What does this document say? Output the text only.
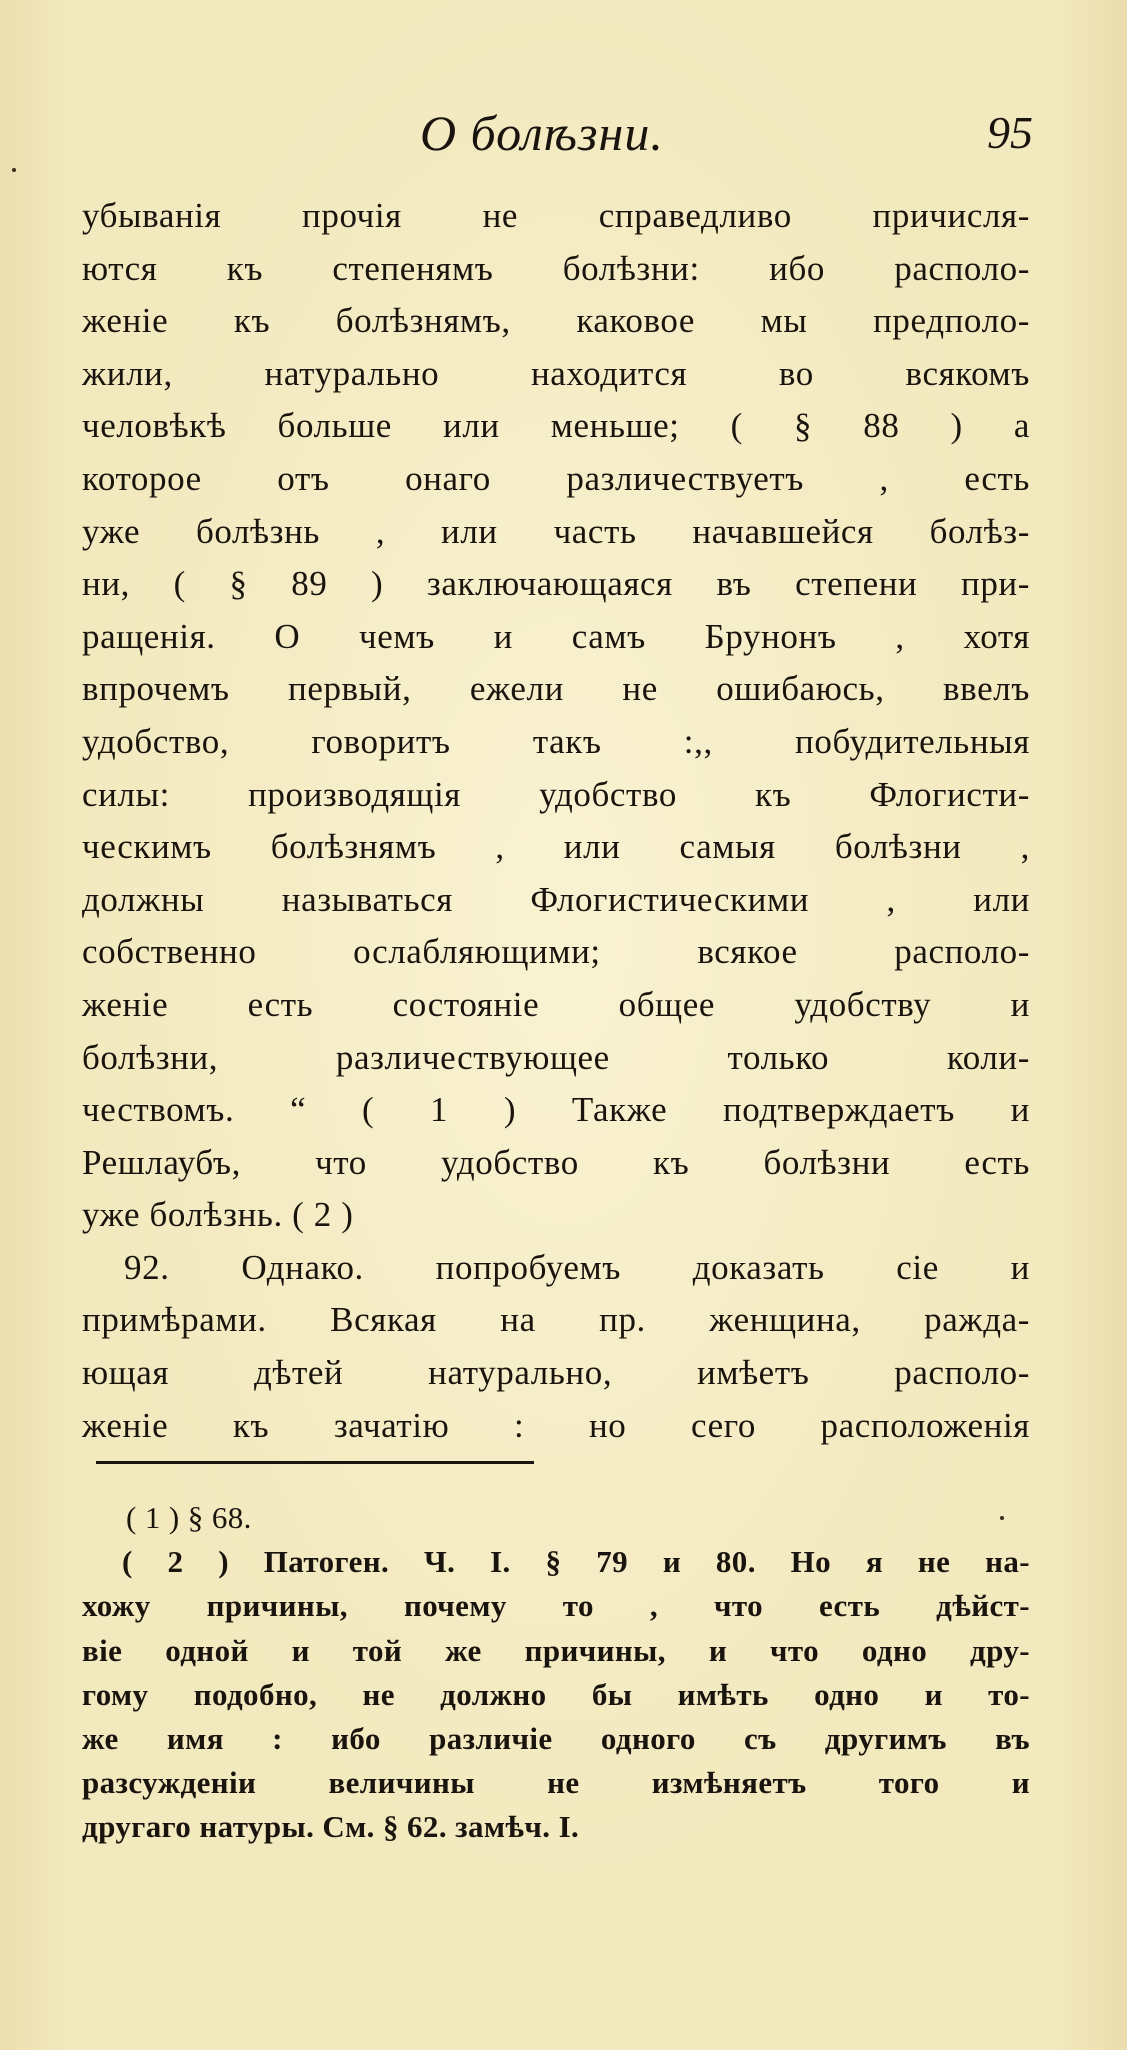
О болѣзни.	95
убыванія прочія не справедливо причисля-
ются къ степенямъ болѣзни: ибо располо-
женіе къ болѣзнямъ, каковое мы предполо-
жили, натурально находится во всякомъ
человѣкѣ больше или меньше; ( § 88 ) а
которое отъ онаго различествуетъ , есть
уже болѣзнь , или часть начавшейся болѣз-
ни, ( § 89 ) заключающаяся въ степени при-
ращенія. О чемъ и самъ Брунонъ , хотя
впрочемъ первый, ежели не ошибаюсь, ввелъ
удобство, говоритъ такъ :,, побудительныя
силы: производящія удобство къ Флогисти-
ческимъ болѣзнямъ , или самыя болѣзни ,
должны называться Флогистическими , или
собственно ослабляющими; всякое располо-
женіе есть состояніе общее удобству и
болѣзни, различествующее только коли-
чествомъ. “ ( 1 ) Также подтверждаетъ и
Решлаубъ, что удобство къ болѣзни есть
уже болѣзнь. ( 2 )
92. Однако. попробуемъ доказать сіе и
примѣрами. Всякая на пр. женщина, ражда-
ющая дѣтей натурально, имѣетъ располо-
женіе къ зачатію : но сего расположенія
( 1 ) § 68.
( 2 ) Патоген. Ч. I. § 79 и 80. Но я не на-
хожу причины, почему то , что есть дѣйст-
віе одной и той же причины, и что одно дру-
гому подобно, не должно бы имѣть одно и то-
же имя : ибо различіе одного съ другимъ въ
разсужденіи величины не измѣняетъ того и
другаго натуры. См. § 62. замѣч. I.
